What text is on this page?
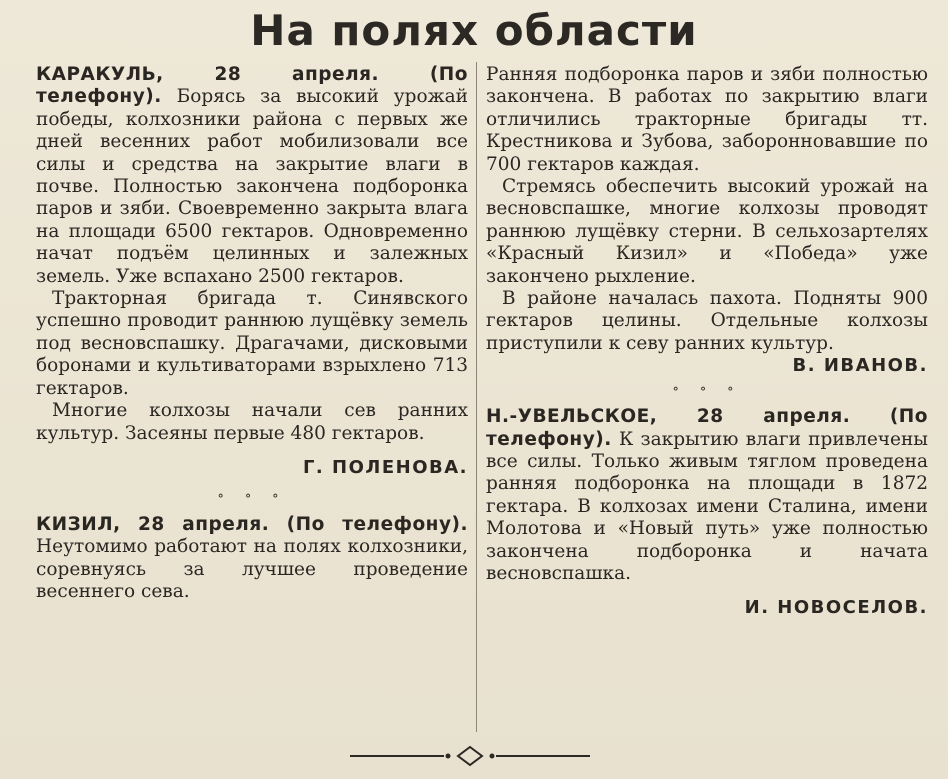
На полях области

КАРАКУЛЬ, 28 апреля. (По телефону). Борясь за высокий урожай победы, колхозники района с первых же дней весенних работ мобилизовали все силы и средства на закрытие влаги в почве. Полностью закончена подборонка паров и зяби. Своевременно закрыта влага на площади 6500 гектаров. Одновременно начат подъём целинных и залежных земель. Уже вспахано 2500 гектаров.

Тракторная бригада т. Синявского успешно проводит раннюю лущёвку земель под весновспашку. Драгачами, дисковыми боронами и культиваторами взрыхлено 713 гектаров.

Многие колхозы начали сев ранних культур. Засеяны первые 480 гектаров.

Г. ПОЛЕНОВА.
∘ ∘ ∘

КИЗИЛ, 28 апреля. (По телефону). Неутомимо работают на полях колхозники, соревнуясь за лучшее проведение весеннего сева.

Ранняя подборонка паров и зяби полностью закончена. В работах по закрытию влаги отличились тракторные бригады тт. Крестникова и Зубова, заборонновавшие по 700 гектаров каждая.

Стремясь обеспечить высокий урожай на весновспашке, многие колхозы проводят раннюю лущёвку стерни. В сельхозартелях «Красный Кизил» и «Победа» уже закончено рыхление.

В районе началась пахота. Подняты 900 гектаров целины. Отдельные колхозы приступили к севу ранних культур.
В. ИВАНОВ.

∘ ∘ ∘

Н.-УВЕЛЬСКОЕ, 28 апреля. (По телефону). К закрытию влаги привлечены все силы. Только живым тяглом проведена ранняя подборонка на площади в 1872 гектара. В колхозах имени Сталина, имени Молотова и «Новый путь» уже полностью закончена подборонка и начата весновспашка.

И. НОВОСЕЛОВ.
